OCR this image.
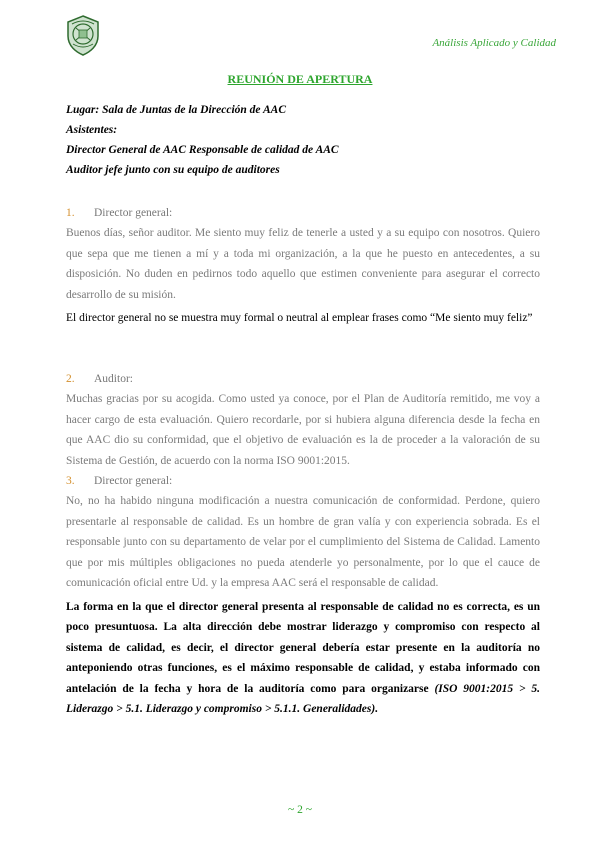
Análisis Aplicado y Calidad
REUNIÓN DE APERTURA
Lugar: Sala de Juntas de la Dirección de AAC
Asistentes:
Director General de AAC Responsable de calidad de AAC
Auditor jefe junto con su equipo de auditores
1. Director general:

Buenos días, señor auditor. Me siento muy feliz de tenerle a usted y a su equipo con nosotros. Quiero que sepa que me tienen a mí y a toda mi organización, a la que he puesto en antecedentes, a su disposición. No duden en pedirnos todo aquello que estimen conveniente para asegurar el correcto desarrollo de su misión.

El director general no se muestra muy formal o neutral al emplear frases como “Me siento muy feliz”

2. Auditor:

Muchas gracias por su acogida. Como usted ya conoce, por el Plan de Auditoría remitido, me voy a hacer cargo de esta evaluación. Quiero recordarle, por si hubiera alguna diferencia desde la fecha en que AAC dio su conformidad, que el objetivo de evaluación es la de proceder a la valoración de su Sistema de Gestión, de acuerdo con la norma ISO 9001:2015.

3. Director general:

No, no ha habido ninguna modificación a nuestra comunicación de conformidad. Perdone, quiero presentarle al responsable de calidad. Es un hombre de gran valía y con experiencia sobrada. Es el responsable junto con su departamento de velar por el cumplimiento del Sistema de Calidad. Lamento que por mis múltiples obligaciones no pueda atenderle yo personalmente, por lo que el cauce de comunicación oficial entre Ud. y la empresa AAC será el responsable de calidad.

La forma en la que el director general presenta al responsable de calidad no es correcta, es un poco presuntuosa. La alta dirección debe mostrar liderazgo y compromiso con respecto al sistema de calidad, es decir, el director general debería estar presente en la auditoría no anteponiendo otras funciones, es el máximo responsable de calidad, y estaba informado con antelación de la fecha y hora de la auditoría como para organizarse (ISO 9001:2015 > 5. Liderazgo > 5.1. Liderazgo y compromiso > 5.1.1. Generalidades).

~ 2 ~
